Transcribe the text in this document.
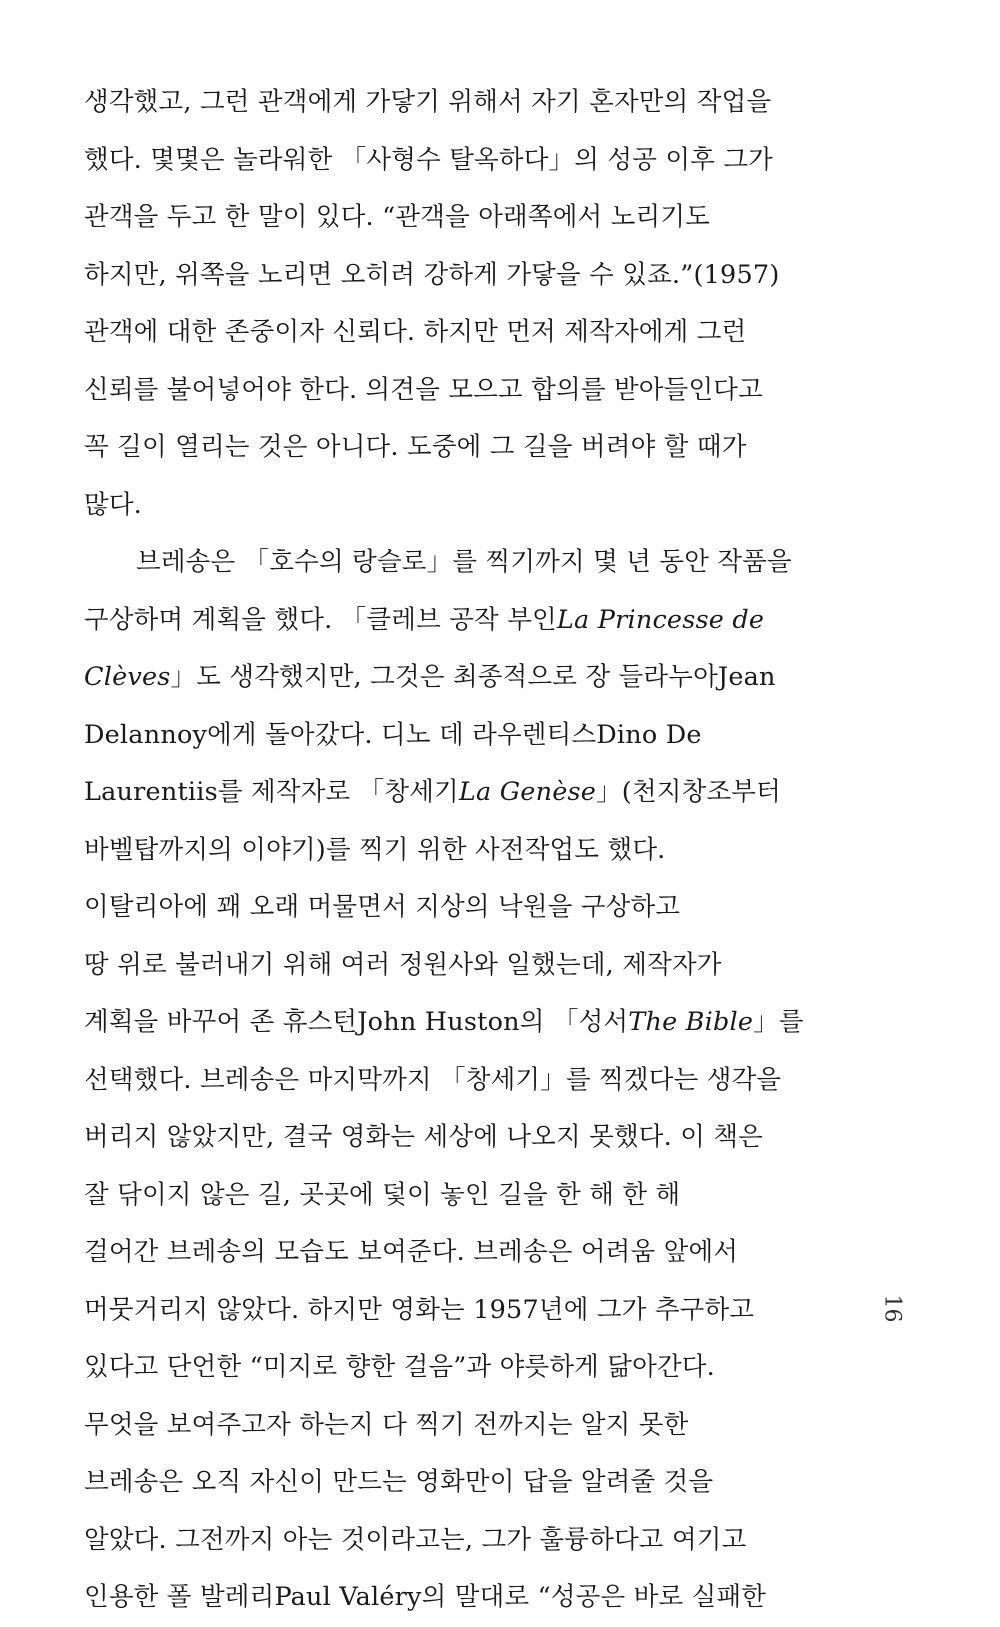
생각했고, 그런 관객에게 가닿기 위해서 자기 혼자만의 작업을
했다. 몇몇은 놀라워한 「사형수 탈옥하다」의 성공 이후 그가
관객을 두고 한 말이 있다. “관객을 아래쪽에서 노리기도
하지만, 위쪽을 노리면 오히려 강하게 가닿을 수 있죠.”(1957)
관객에 대한 존중이자 신뢰다. 하지만 먼저 제작자에게 그런
신뢰를 불어넣어야 한다. 의견을 모으고 합의를 받아들인다고
꼭 길이 열리는 것은 아니다. 도중에 그 길을 버려야 할 때가
많다.
브레송은 「호수의 랑슬로」를 찍기까지 몇 년 동안 작품을
구상하며 계획을 했다. 「클레브 공작 부인La Princesse de
Clèves」도 생각했지만, 그것은 최종적으로 장 들라누아Jean
Delannoy에게 돌아갔다. 디노 데 라우렌티스Dino De
Laurentiis를 제작자로 「창세기La Genèse」(천지창조부터
바벨탑까지의 이야기)를 찍기 위한 사전작업도 했다.
이탈리아에 꽤 오래 머물면서 지상의 낙원을 구상하고
땅 위로 불러내기 위해 여러 정원사와 일했는데, 제작자가
계획을 바꾸어 존 휴스턴John Huston의 「성서The Bible」를
선택했다. 브레송은 마지막까지 「창세기」를 찍겠다는 생각을
버리지 않았지만, 결국 영화는 세상에 나오지 못했다. 이 책은
잘 닦이지 않은 길, 곳곳에 덫이 놓인 길을 한 해 한 해
걸어간 브레송의 모습도 보여준다. 브레송은 어려움 앞에서
머뭇거리지 않았다. 하지만 영화는 1957년에 그가 추구하고
있다고 단언한 “미지로 향한 걸음”과 야릇하게 닮아간다.
무엇을 보여주고자 하는지 다 찍기 전까지는 알지 못한
브레송은 오직 자신이 만드는 영화만이 답을 알려줄 것을
알았다. 그전까지 아는 것이라고는, 그가 훌륭하다고 여기고
인용한 폴 발레리Paul Valéry의 말대로 “성공은 바로 실패한
16
